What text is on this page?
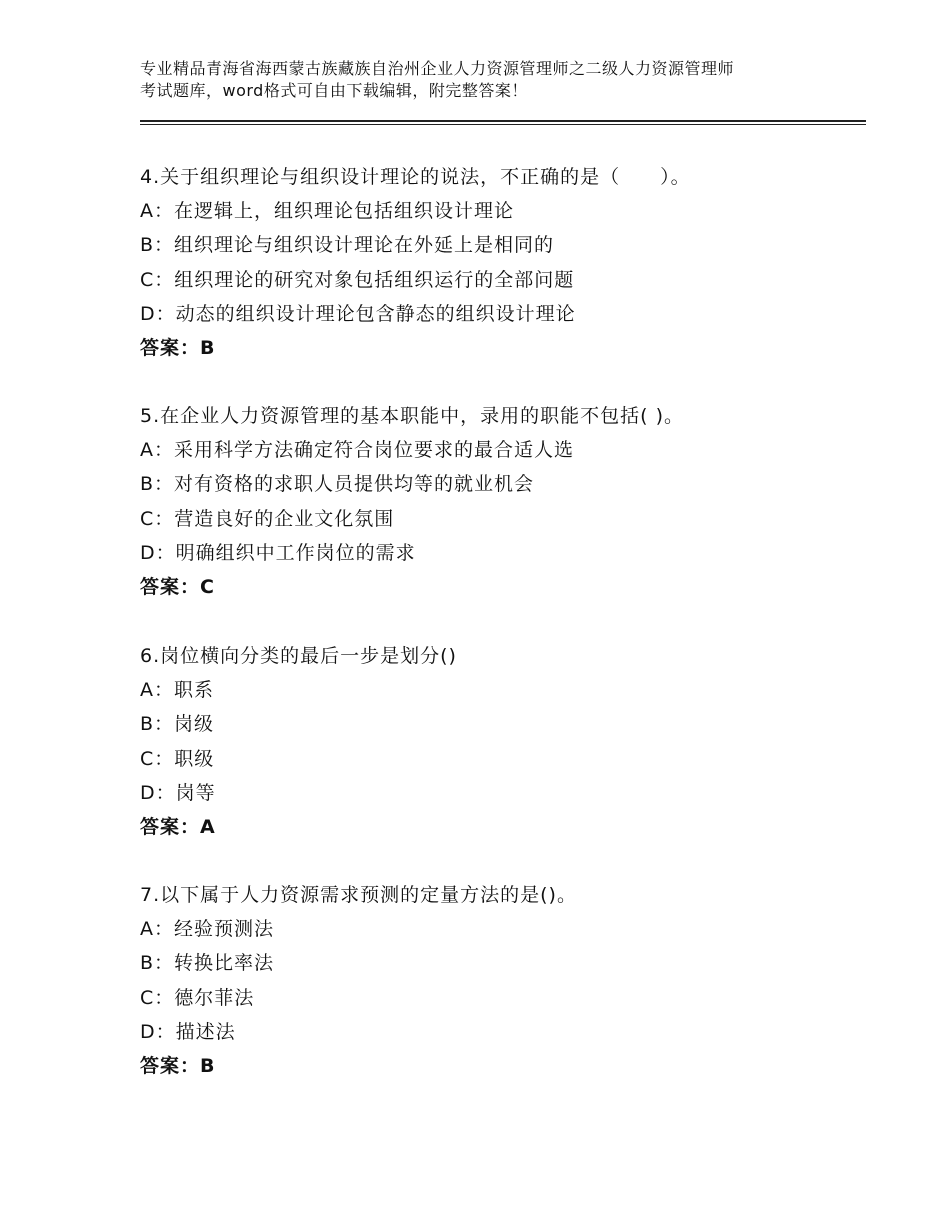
专业精品青海省海西蒙古族藏族自治州企业人力资源管理师之二级人力资源管理师
考试题库，word格式可自由下载编辑，附完整答案！
4.关于组织理论与组织设计理论的说法，不正确的是（　　）。
A：在逻辑上，组织理论包括组织设计理论
B：组织理论与组织设计理论在外延上是相同的
C：组织理论的研究对象包括组织运行的全部问题
D：动态的组织设计理论包含静态的组织设计理论
答案：B
5.在企业人力资源管理的基本职能中，录用的职能不包括( )。
A：采用科学方法确定符合岗位要求的最合适人选
B：对有资格的求职人员提供均等的就业机会
C：营造良好的企业文化氛围
D：明确组织中工作岗位的需求
答案：C
6.岗位横向分类的最后一步是划分()
A：职系
B：岗级
C：职级
D：岗等
答案：A
7.以下属于人力资源需求预测的定量方法的是()。
A：经验预测法
B：转换比率法
C：德尔菲法
D：描述法
答案：B
